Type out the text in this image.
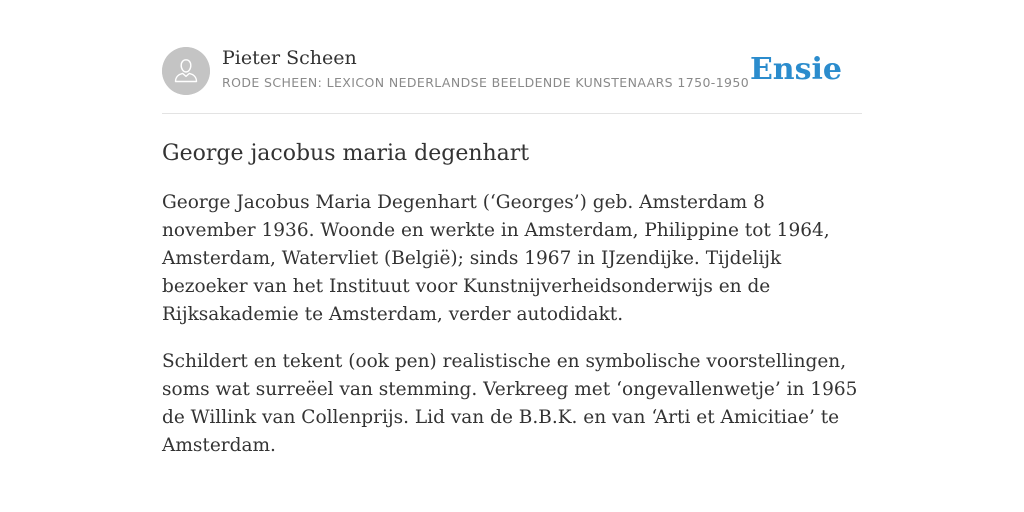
Pieter Scheen
RODE SCHEEN: LEXICON NEDERLANDSE BEELDENDE KUNSTENAARS 1750-1950 Ensie
George jacobus maria degenhart

George Jacobus Maria Degenhart (‘Georges’) geb. Amsterdam 8 november 1936. Woonde en werkte in Amsterdam, Philippine tot 1964, Amsterdam, Watervliet (België); sinds 1967 in IJzendijke. Tijdelijk bezoeker van het Instituut voor Kunstnijverheidsonderwijs en de Rijksakademie te Amsterdam, verder autodidakt.

Schildert en tekent (ook pen) realistische en symbolische voorstellingen, soms wat surreëel van stemming. Verkreeg met ‘ongevallenwetje’ in 1965 de Willink van Collenprijs. Lid van de B.B.K. en van ‘Arti et Amicitiae’ te Amsterdam.
